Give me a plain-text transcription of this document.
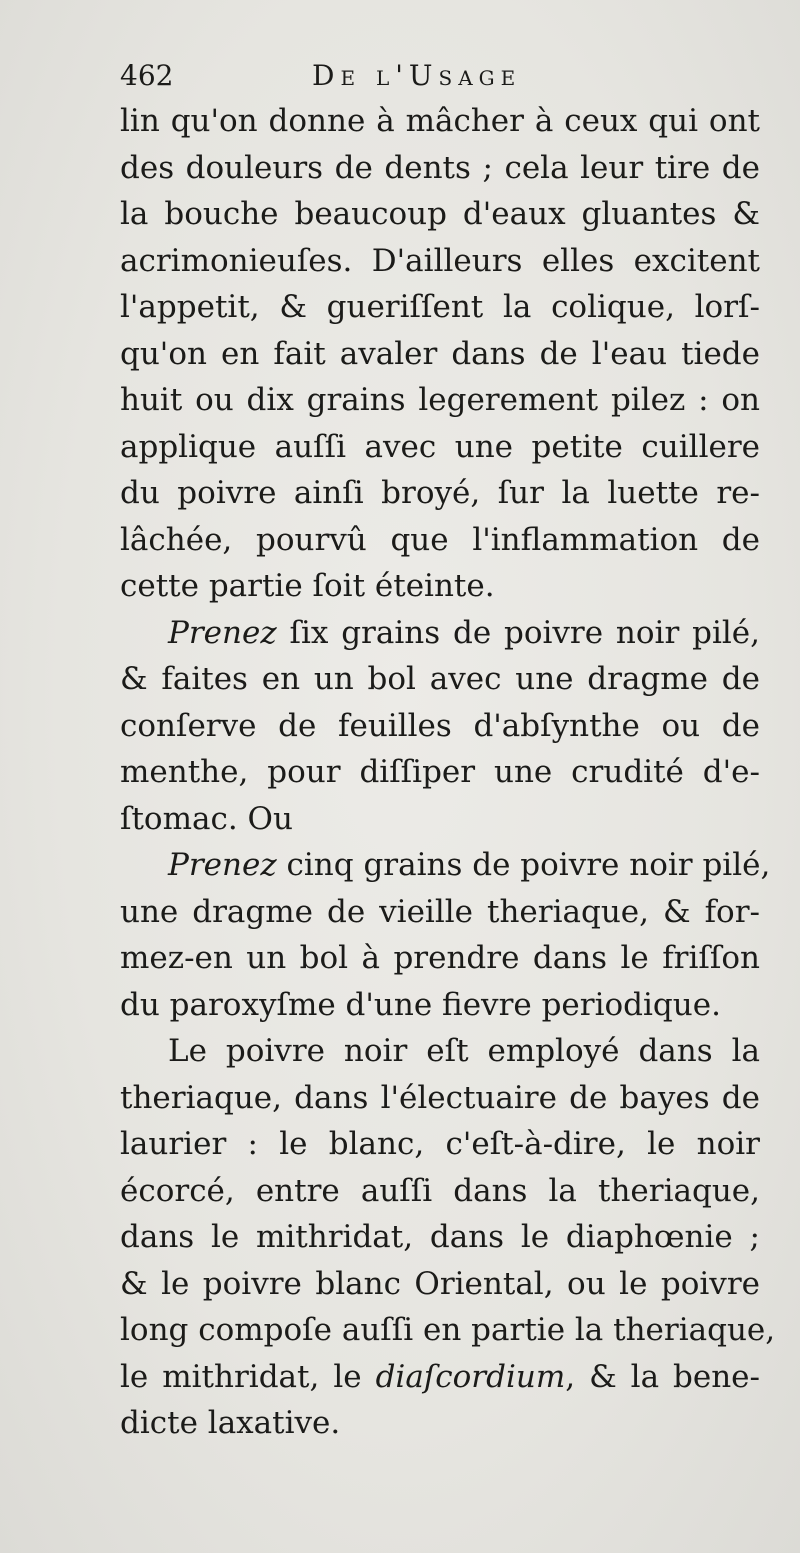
462	De l'Usage
lin qu'on donne à mâcher à ceux qui ont
des douleurs de dents ; cela leur tire de
la bouche beaucoup d'eaux gluantes &
acrimonieuſes. D'ailleurs elles excitent
l'appetit, & gueriſſent la colique, lorſ-
qu'on en fait avaler dans de l'eau tiede
huit ou dix grains legerement pilez : on
applique auſſi avec une petite cuillere
du poivre ainſi broyé, ſur la luette re-
lâchée, pourvû que l'inflammation de
cette partie ſoit éteinte.
Prenez ſix grains de poivre noir pilé,
& faites en un bol avec une dragme de
conſerve de feuilles d'abſynthe ou de
menthe, pour diſſiper une crudité d'e-
ſtomac. Ou
Prenez cinq grains de poivre noir pilé,
une dragme de vieille theriaque, & for-
mez-en un bol à prendre dans le friſſon
du paroxyſme d'une fievre periodique.
Le poivre noir eſt employé dans la
theriaque, dans l'électuaire de bayes de
laurier : le blanc, c'eſt-à-dire, le noir
écorcé, entre auſſi dans la theriaque,
dans le mithridat, dans le diaphœnie ;
& le poivre blanc Oriental, ou le poivre
long compoſe auſſi en partie la theriaque,
le mithridat, le diaſcordium, & la bene-
dicte laxative.
